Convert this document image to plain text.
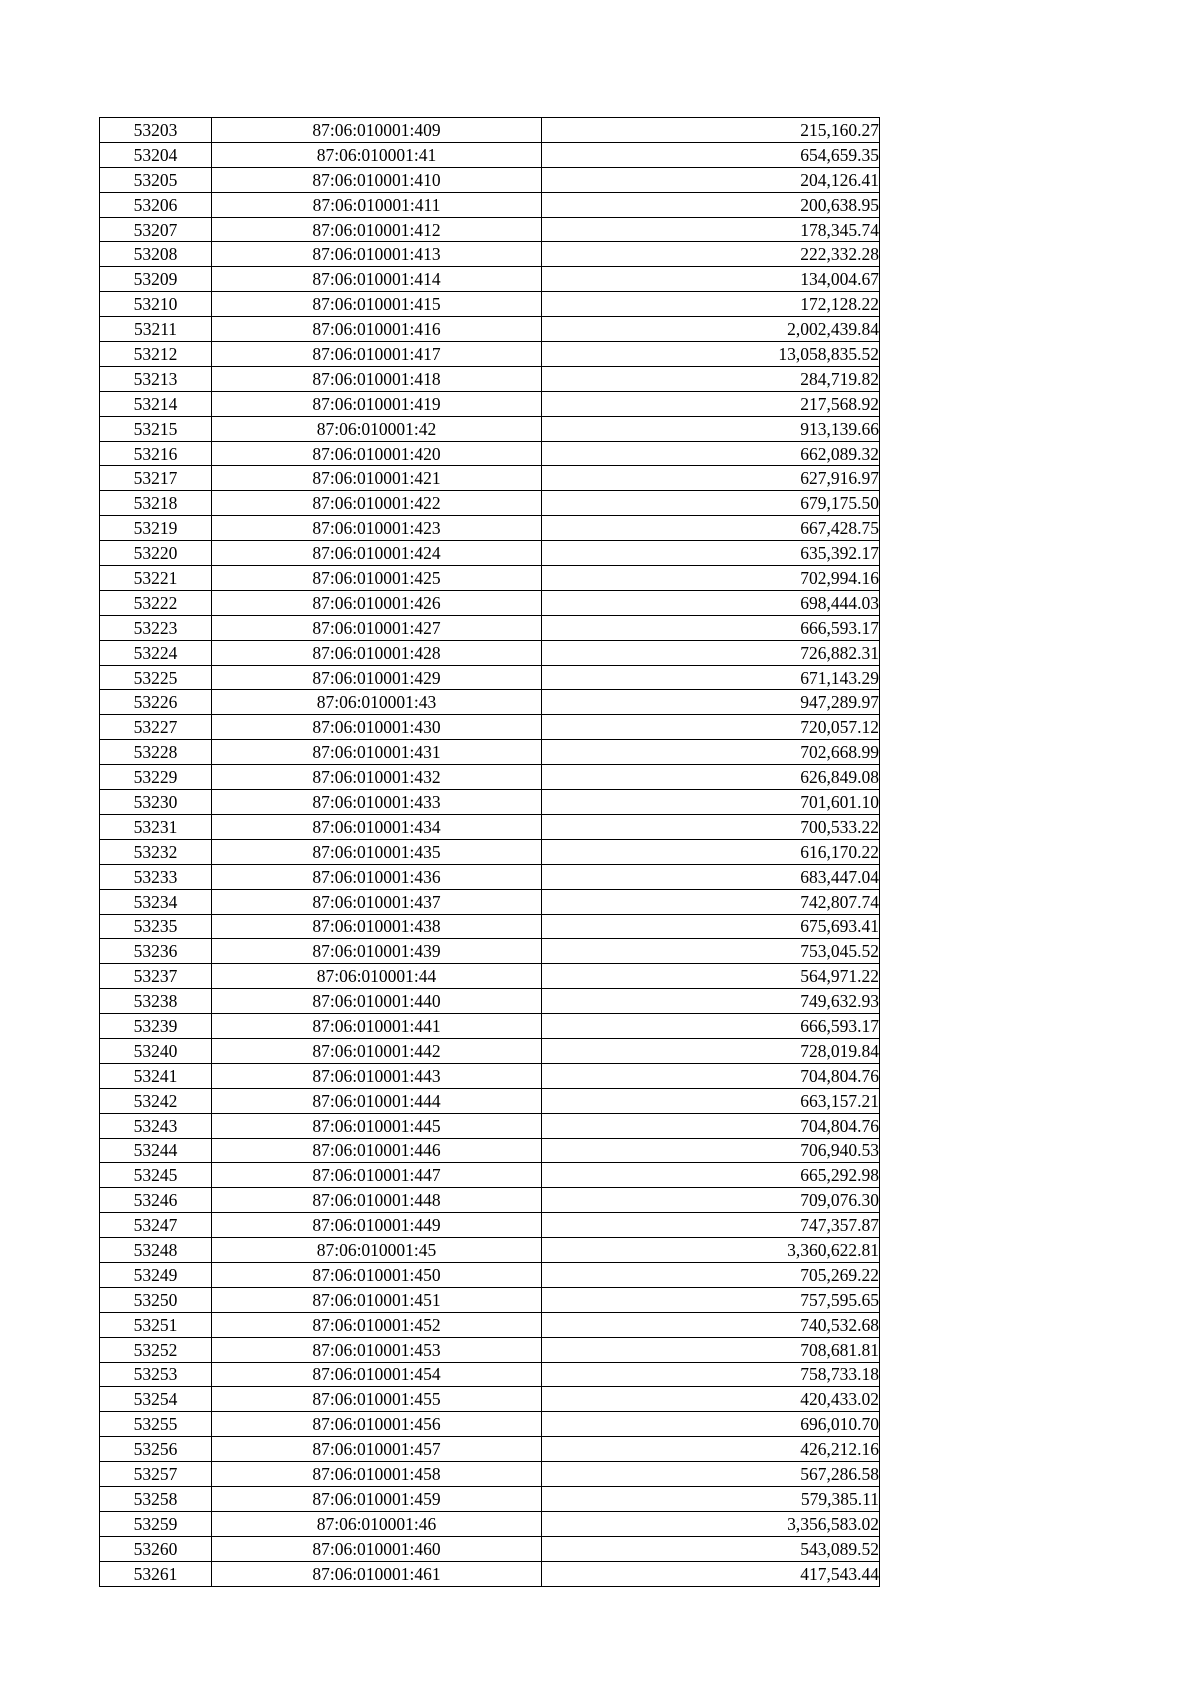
53203	87:06:010001:409	215,160.27
53204	87:06:010001:41	654,659.35
53205	87:06:010001:410	204,126.41
53206	87:06:010001:411	200,638.95
53207	87:06:010001:412	178,345.74
53208	87:06:010001:413	222,332.28
53209	87:06:010001:414	134,004.67
53210	87:06:010001:415	172,128.22
53211	87:06:010001:416	2,002,439.84
53212	87:06:010001:417	13,058,835.52
53213	87:06:010001:418	284,719.82
53214	87:06:010001:419	217,568.92
53215	87:06:010001:42	913,139.66
53216	87:06:010001:420	662,089.32
53217	87:06:010001:421	627,916.97
53218	87:06:010001:422	679,175.50
53219	87:06:010001:423	667,428.75
53220	87:06:010001:424	635,392.17
53221	87:06:010001:425	702,994.16
53222	87:06:010001:426	698,444.03
53223	87:06:010001:427	666,593.17
53224	87:06:010001:428	726,882.31
53225	87:06:010001:429	671,143.29
53226	87:06:010001:43	947,289.97
53227	87:06:010001:430	720,057.12
53228	87:06:010001:431	702,668.99
53229	87:06:010001:432	626,849.08
53230	87:06:010001:433	701,601.10
53231	87:06:010001:434	700,533.22
53232	87:06:010001:435	616,170.22
53233	87:06:010001:436	683,447.04
53234	87:06:010001:437	742,807.74
53235	87:06:010001:438	675,693.41
53236	87:06:010001:439	753,045.52
53237	87:06:010001:44	564,971.22
53238	87:06:010001:440	749,632.93
53239	87:06:010001:441	666,593.17
53240	87:06:010001:442	728,019.84
53241	87:06:010001:443	704,804.76
53242	87:06:010001:444	663,157.21
53243	87:06:010001:445	704,804.76
53244	87:06:010001:446	706,940.53
53245	87:06:010001:447	665,292.98
53246	87:06:010001:448	709,076.30
53247	87:06:010001:449	747,357.87
53248	87:06:010001:45	3,360,622.81
53249	87:06:010001:450	705,269.22
53250	87:06:010001:451	757,595.65
53251	87:06:010001:452	740,532.68
53252	87:06:010001:453	708,681.81
53253	87:06:010001:454	758,733.18
53254	87:06:010001:455	420,433.02
53255	87:06:010001:456	696,010.70
53256	87:06:010001:457	426,212.16
53257	87:06:010001:458	567,286.58
53258	87:06:010001:459	579,385.11
53259	87:06:010001:46	3,356,583.02
53260	87:06:010001:460	543,089.52
53261	87:06:010001:461	417,543.44
